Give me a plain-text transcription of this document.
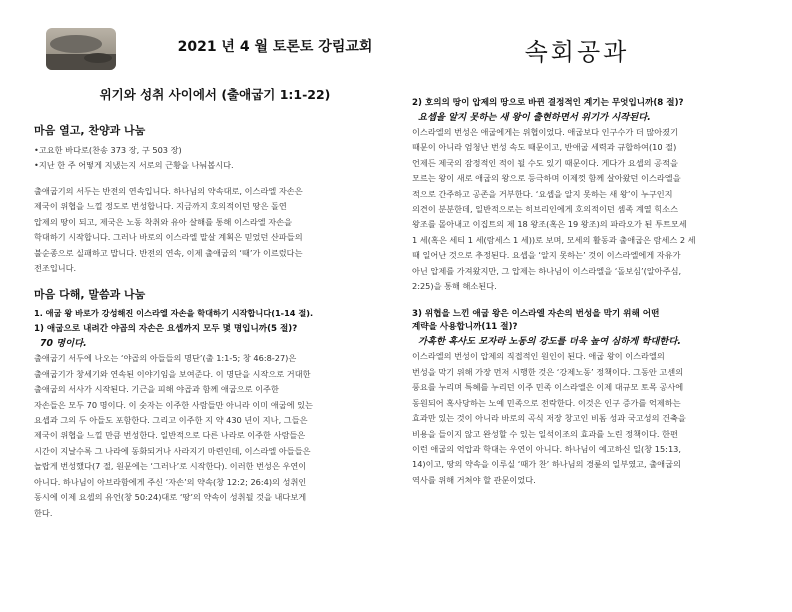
2021 년 4 월 토론토 강림교회	속회공과
위기와 성취 사이에서 (출애굽기 1:1-22)
마음 열고, 찬양과 나눔
•고요한 바다로(찬송 373 장, 구 503 장)
•지난 한 주 어떻게 지냈는지 서로의 근황을 나눠봅시다.
출애굽기의 서두는 반전의 연속입니다. 하나님의 약속대로, 이스라엘 자손은
제국이 위협을 느낄 정도로 번성합니다. 지금까지 호의적이던 땅은 돌연
압제의 땅이 되고, 제국은 노동 착취와 유아 살해를 통해 이스라엘 자손을
학대하기 시작합니다. 그러나 바로의 이스라엘 말살 계획은 믿었던 산파들의
불순종으로 실패하고 맙니다. 반전의 연속, 이제 출애굽의 ‘때’가 이르렀다는
전조입니다.
마음 다해, 말씀과 나눔
1. 애굽 왕 바로가 강성해진 이스라엘 자손을 학대하기 시작합니다(1-14 절).
1) 애굽으로 내려간 야곱의 자손은 요셉까지 모두 몇 명입니까(5 절)?
70 명이다.
출애굽기 서두에 나오는 ‘야곱의 아들들의 명단’(출 1:1-5; 창 46:8-27)은
출애굽기가 창세기와 연속된 이야기임을 보여준다. 이 명단을 시작으로 거대한
출애굽의 서사가 시작된다. 기근을 피해 야곱과 함께 애굽으로 이주한
자손들은 모두 70 명이다. 이 숫자는 이주한 사람들만 아니라 이미 애굽에 있는
요셉과 그의 두 아들도 포함한다. 그리고 이주한 지 약 430 년이 지나, 그들은
제국이 위협을 느낄 만큼 번성한다. 일반적으로 다른 나라로 이주한 사람들은
시간이 지날수록 그 나라에 동화되거나 사라지기 마련인데, 이스라엘 아들들은
놀랍게 번성했다(7 절, 원문에는 ‘그러나’로 시작한다). 이러한 번성은 우연이
아니다. 하나님이 아브라함에게 주신 ‘자손’의 약속(창 12:2; 26:4)의 성취인
동시에 이제 요셉의 유언(창 50:24)대로 ‘땅’의 약속이 성취될 것을 내다보게
한다.
2) 호의의 땅이 압제의 땅으로 바뀐 결정적인 계기는 무엇입니까(8 절)?
요셉을 알지 못하는 새 왕이 출현하면서 위기가 시작된다.
이스라엘의 번성은 애굽에게는 위협이었다. 애굽보다 인구수가 더 많아졌기
때문이 아니라 엄청난 번성 속도 때문이고, 반애굽 세력과 규합하여(10 절)
언제든 제국의 잠정적인 적이 될 수도 있기 때문이다. 게다가 요셉의 공적을
모르는 왕이 새로 애굽의 왕으로 등극하며 이제껏 함께 살아왔던 이스라엘을
적으로 간주하고 공존을 거부한다. ‘요셉을 알지 못하는 새 왕’이 누구인지
의견이 분분한데, 일반적으로는 히브리인에게 호의적이던 셈족 계열 힉소스
왕조를 몰아내고 이집트의 제 18 왕조(혹은 19 왕조)의 파라오가 된 투트모세
1 세(혹은 세티 1 세(람세스 1 세))로 보며, 모세의 활동과 출애굽은 람세스 2 세
때 일어난 것으로 추정된다. 요셉을 ‘알지 못하는’ 것이 이스라엘에게 자유가
아닌 압제를 가져왔지만, 그 압제는 하나님이 이스라엘을 ‘돌보심’(알아주심,
2:25)을 통해 해소된다.
3) 위협을 느낀 애굽 왕은 이스라엘 자손의 번성을 막기 위해 어떤
계략을 사용합니까(11 절)?
가혹한 혹사도 모자라 노동의 강도를 더욱 높여 심하게 학대한다.
이스라엘의 번성이 압제의 직접적인 원인이 된다. 애굽 왕이 이스라엘의
번성을 막기 위해 가장 먼저 시행한 것은 ‘강제노동’ 정책이다. 그동안 고센의
풍요를 누리며 특혜를 누리던 이주 민족 이스라엘은 이제 대규모 토목 공사에
동원되어 혹사당하는 노예 민족으로 전락한다. 이것은 인구 증가를 억제하는
효과만 있는 것이 아니라 바로의 곡식 저장 창고인 비돔 성과 국고성의 건축을
비용을 들이지 않고 완성할 수 있는 일석이조의 효과를 노린 정책이다. 한편
이런 애굽의 억압과 학대는 우연이 아니다. 하나님이 예고하신 일(창 15:13,
14)이고, 땅의 약속을 이루실 ‘때가 찬’ 하나님의 경륜의 일부였고, 출애굽의
역사를 위해 거쳐야 할 관문이었다.
